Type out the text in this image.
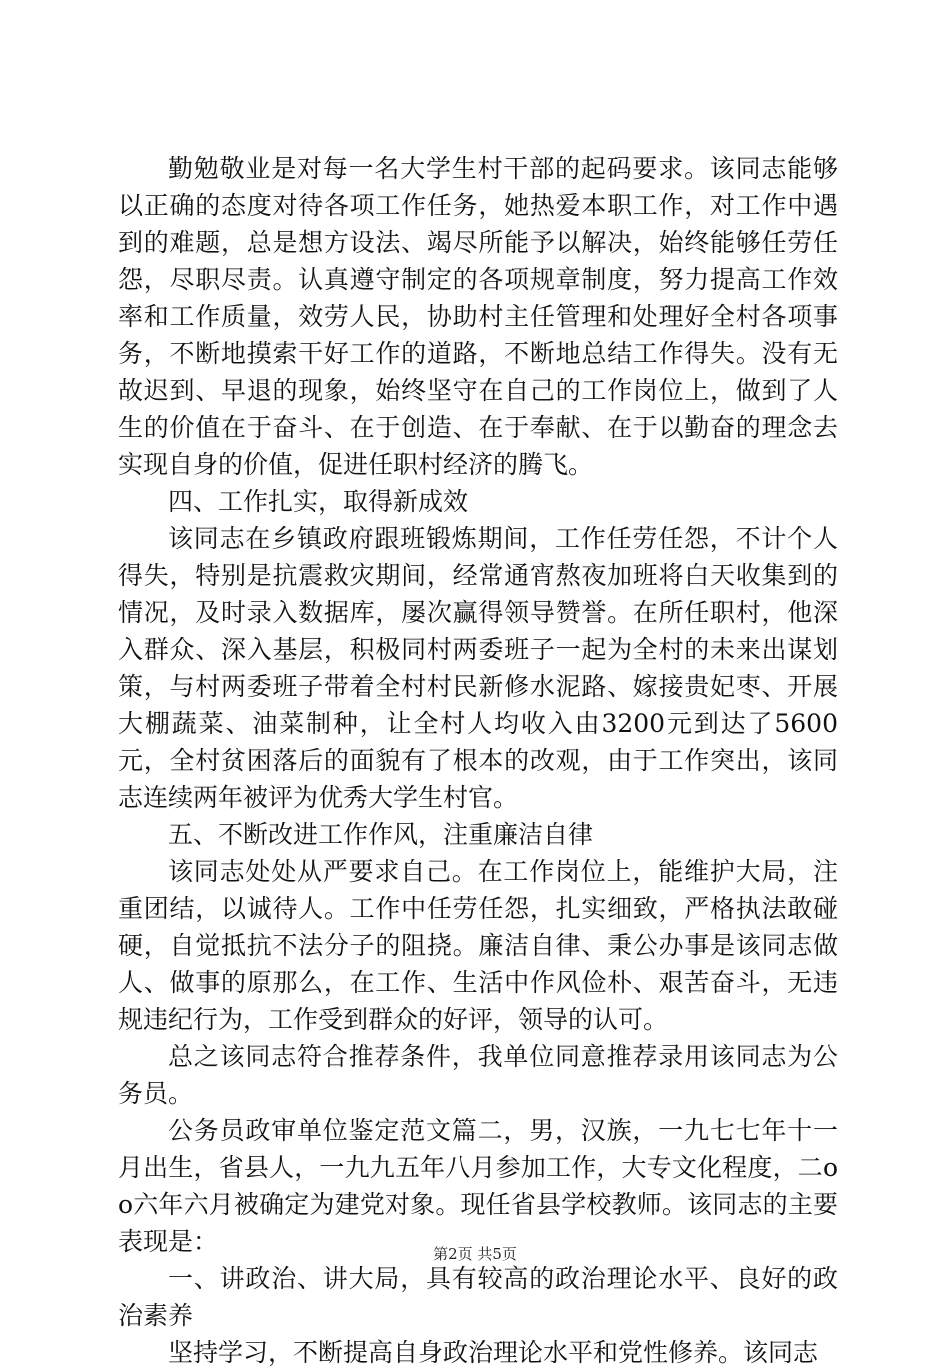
勤勉敬业是对每一名大学生村干部的起码要求。该同志能够以正确的态度对待各项工作任务，她热爱本职工作，对工作中遇到的难题，总是想方设法、竭尽所能予以解决，始终能够任劳任怨，尽职尽责。认真遵守制定的各项规章制度，努力提高工作效率和工作质量，效劳人民，协助村主任管理和处理好全村各项事务，不断地摸索干好工作的道路，不断地总结工作得失。没有无故迟到、早退的现象，始终坚守在自己的工作岗位上，做到了人生的价值在于奋斗、在于创造、在于奉献、在于以勤奋的理念去实现自身的价值，促进任职村经济的腾飞。

四、工作扎实，取得新成效

该同志在乡镇政府跟班锻炼期间，工作任劳任怨，不计个人得失，特别是抗震救灾期间，经常通宵熬夜加班将白天收集到的情况，及时录入数据库，屡次赢得领导赞誉。在所任职村，他深入群众、深入基层，积极同村两委班子一起为全村的未来出谋划策，与村两委班子带着全村村民新修水泥路、嫁接贵妃枣、开展大棚蔬菜、油菜制种，让全村人均收入由3200元到达了5600元，全村贫困落后的面貌有了根本的改观，由于工作突出，该同志连续两年被评为优秀大学生村官。

五、不断改进工作作风，注重廉洁自律

该同志处处从严要求自己。在工作岗位上，能维护大局，注重团结，以诚待人。工作中任劳任怨，扎实细致，严格执法敢碰硬，自觉抵抗不法分子的阻挠。廉洁自律、秉公办事是该同志做人、做事的原那么，在工作、生活中作风俭朴、艰苦奋斗，无违规违纪行为，工作受到群众的好评，领导的认可。

总之该同志符合推荐条件，我单位同意推荐录用该同志为公务员。

公务员政审单位鉴定范文篇二，男，汉族，一九七七年十一月出生，省县人，一九九五年八月参加工作，大专文化程度，二oo六年六月被确定为建党对象。现任省县学校教师。该同志的主要表现是：

一、讲政治、讲大局，具有较高的政治理论水平、良好的政治素养

坚持学习，不断提高自身政治理论水平和党性修养。该同志

第2页 共5页
